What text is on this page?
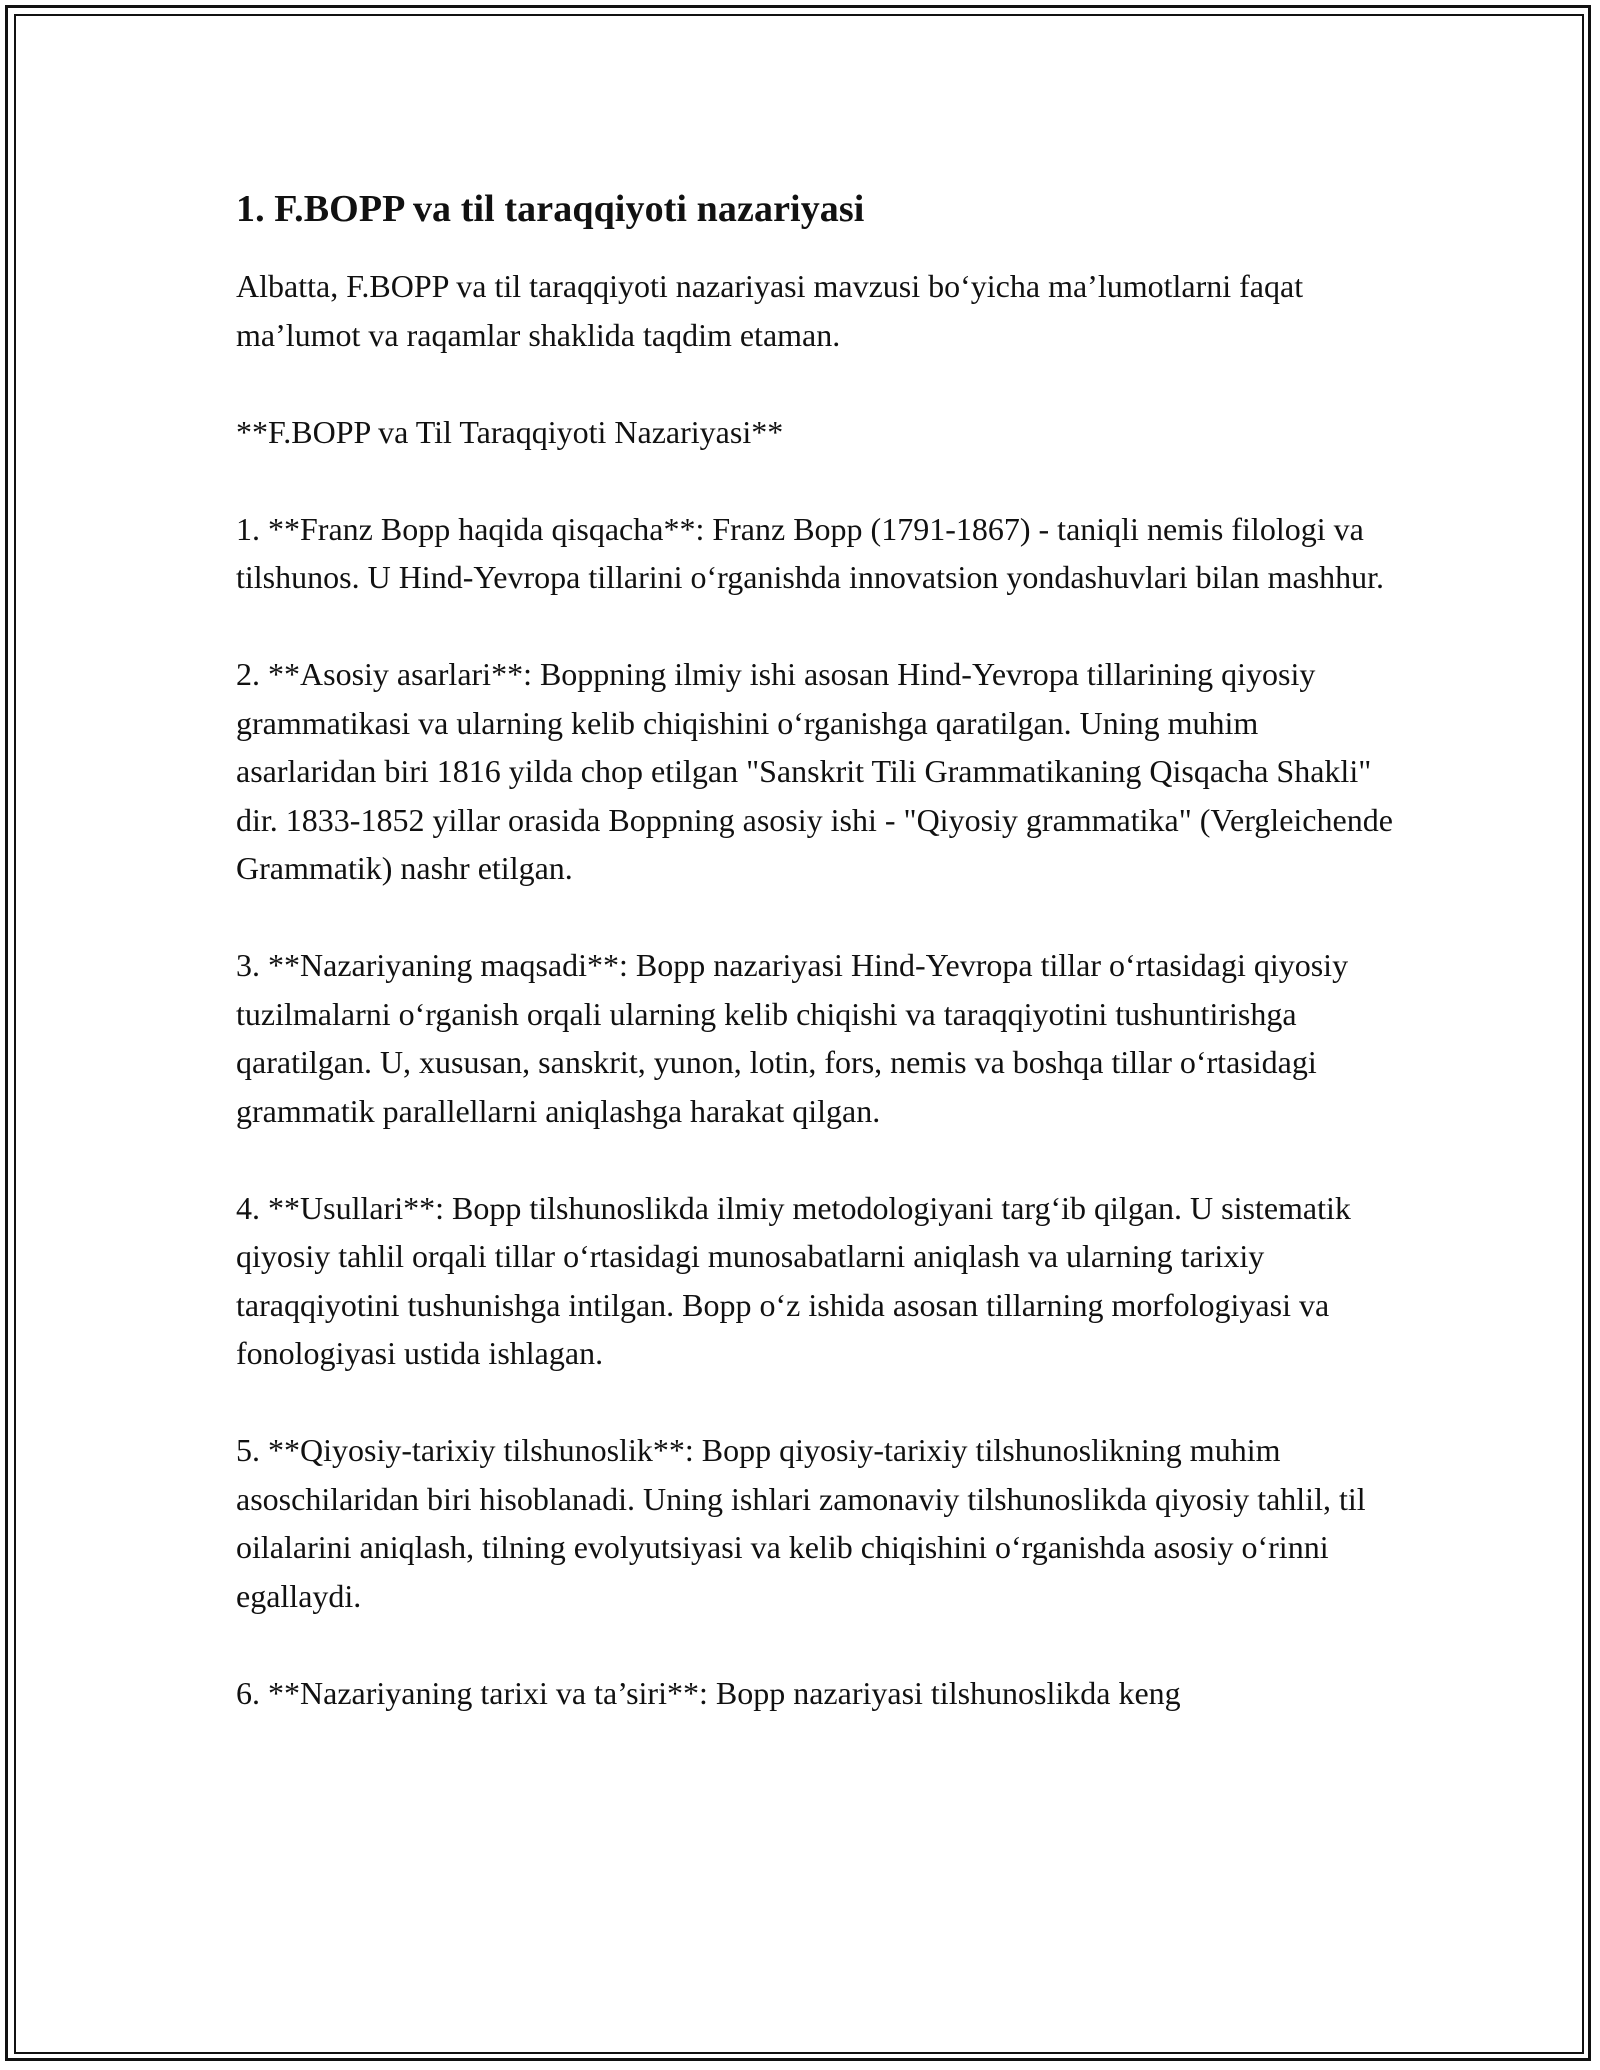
1. F.BOPP va til taraqqiyoti nazariyasi

Albatta, F.BOPP va til taraqqiyoti nazariyasi mavzusi bo‘yicha ma’lumotlarni faqat ma’lumot va raqamlar shaklida taqdim etaman.

**F.BOPP va Til Taraqqiyoti Nazariyasi**

1. **Franz Bopp haqida qisqacha**: Franz Bopp (1791-1867) - taniqli nemis filologi va tilshunos. U Hind-Yevropa tillarini o‘rganishda innovatsion yondashuvlari bilan mashhur.

2. **Asosiy asarlari**: Boppning ilmiy ishi asosan Hind-Yevropa tillarining qiyosiy grammatikasi va ularning kelib chiqishini o‘rganishga qaratilgan. Uning muhim asarlaridan biri 1816 yilda chop etilgan "Sanskrit Tili Grammatikaning Qisqacha Shakli" dir. 1833-1852 yillar orasida Boppning asosiy ishi - "Qiyosiy grammatika" (Vergleichende Grammatik) nashr etilgan.

3. **Nazariyaning maqsadi**: Bopp nazariyasi Hind-Yevropa tillar o‘rtasidagi qiyosiy tuzilmalarni o‘rganish orqali ularning kelib chiqishi va taraqqiyotini tushuntirishga qaratilgan. U, xususan, sanskrit, yunon, lotin, fors, nemis va boshqa tillar o‘rtasidagi grammatik parallellarni aniqlashga harakat qilgan.

4. **Usullari**: Bopp tilshunoslikda ilmiy metodologiyani targ‘ib qilgan. U sistematik qiyosiy tahlil orqali tillar o‘rtasidagi munosabatlarni aniqlash va ularning tarixiy taraqqiyotini tushunishga intilgan. Bopp o‘z ishida asosan tillarning morfologiyasi va fonologiyasi ustida ishlagan.

5. **Qiyosiy-tarixiy tilshunoslik**: Bopp qiyosiy-tarixiy tilshunoslikning muhim asoschilaridan biri hisoblanadi. Uning ishlari zamonaviy tilshunoslikda qiyosiy tahlil, til oilalarini aniqlash, tilning evolyutsiyasi va kelib chiqishini o‘rganishda asosiy o‘rinni egallaydi.

6. **Nazariyaning tarixi va ta’siri**: Bopp nazariyasi tilshunoslikda keng
